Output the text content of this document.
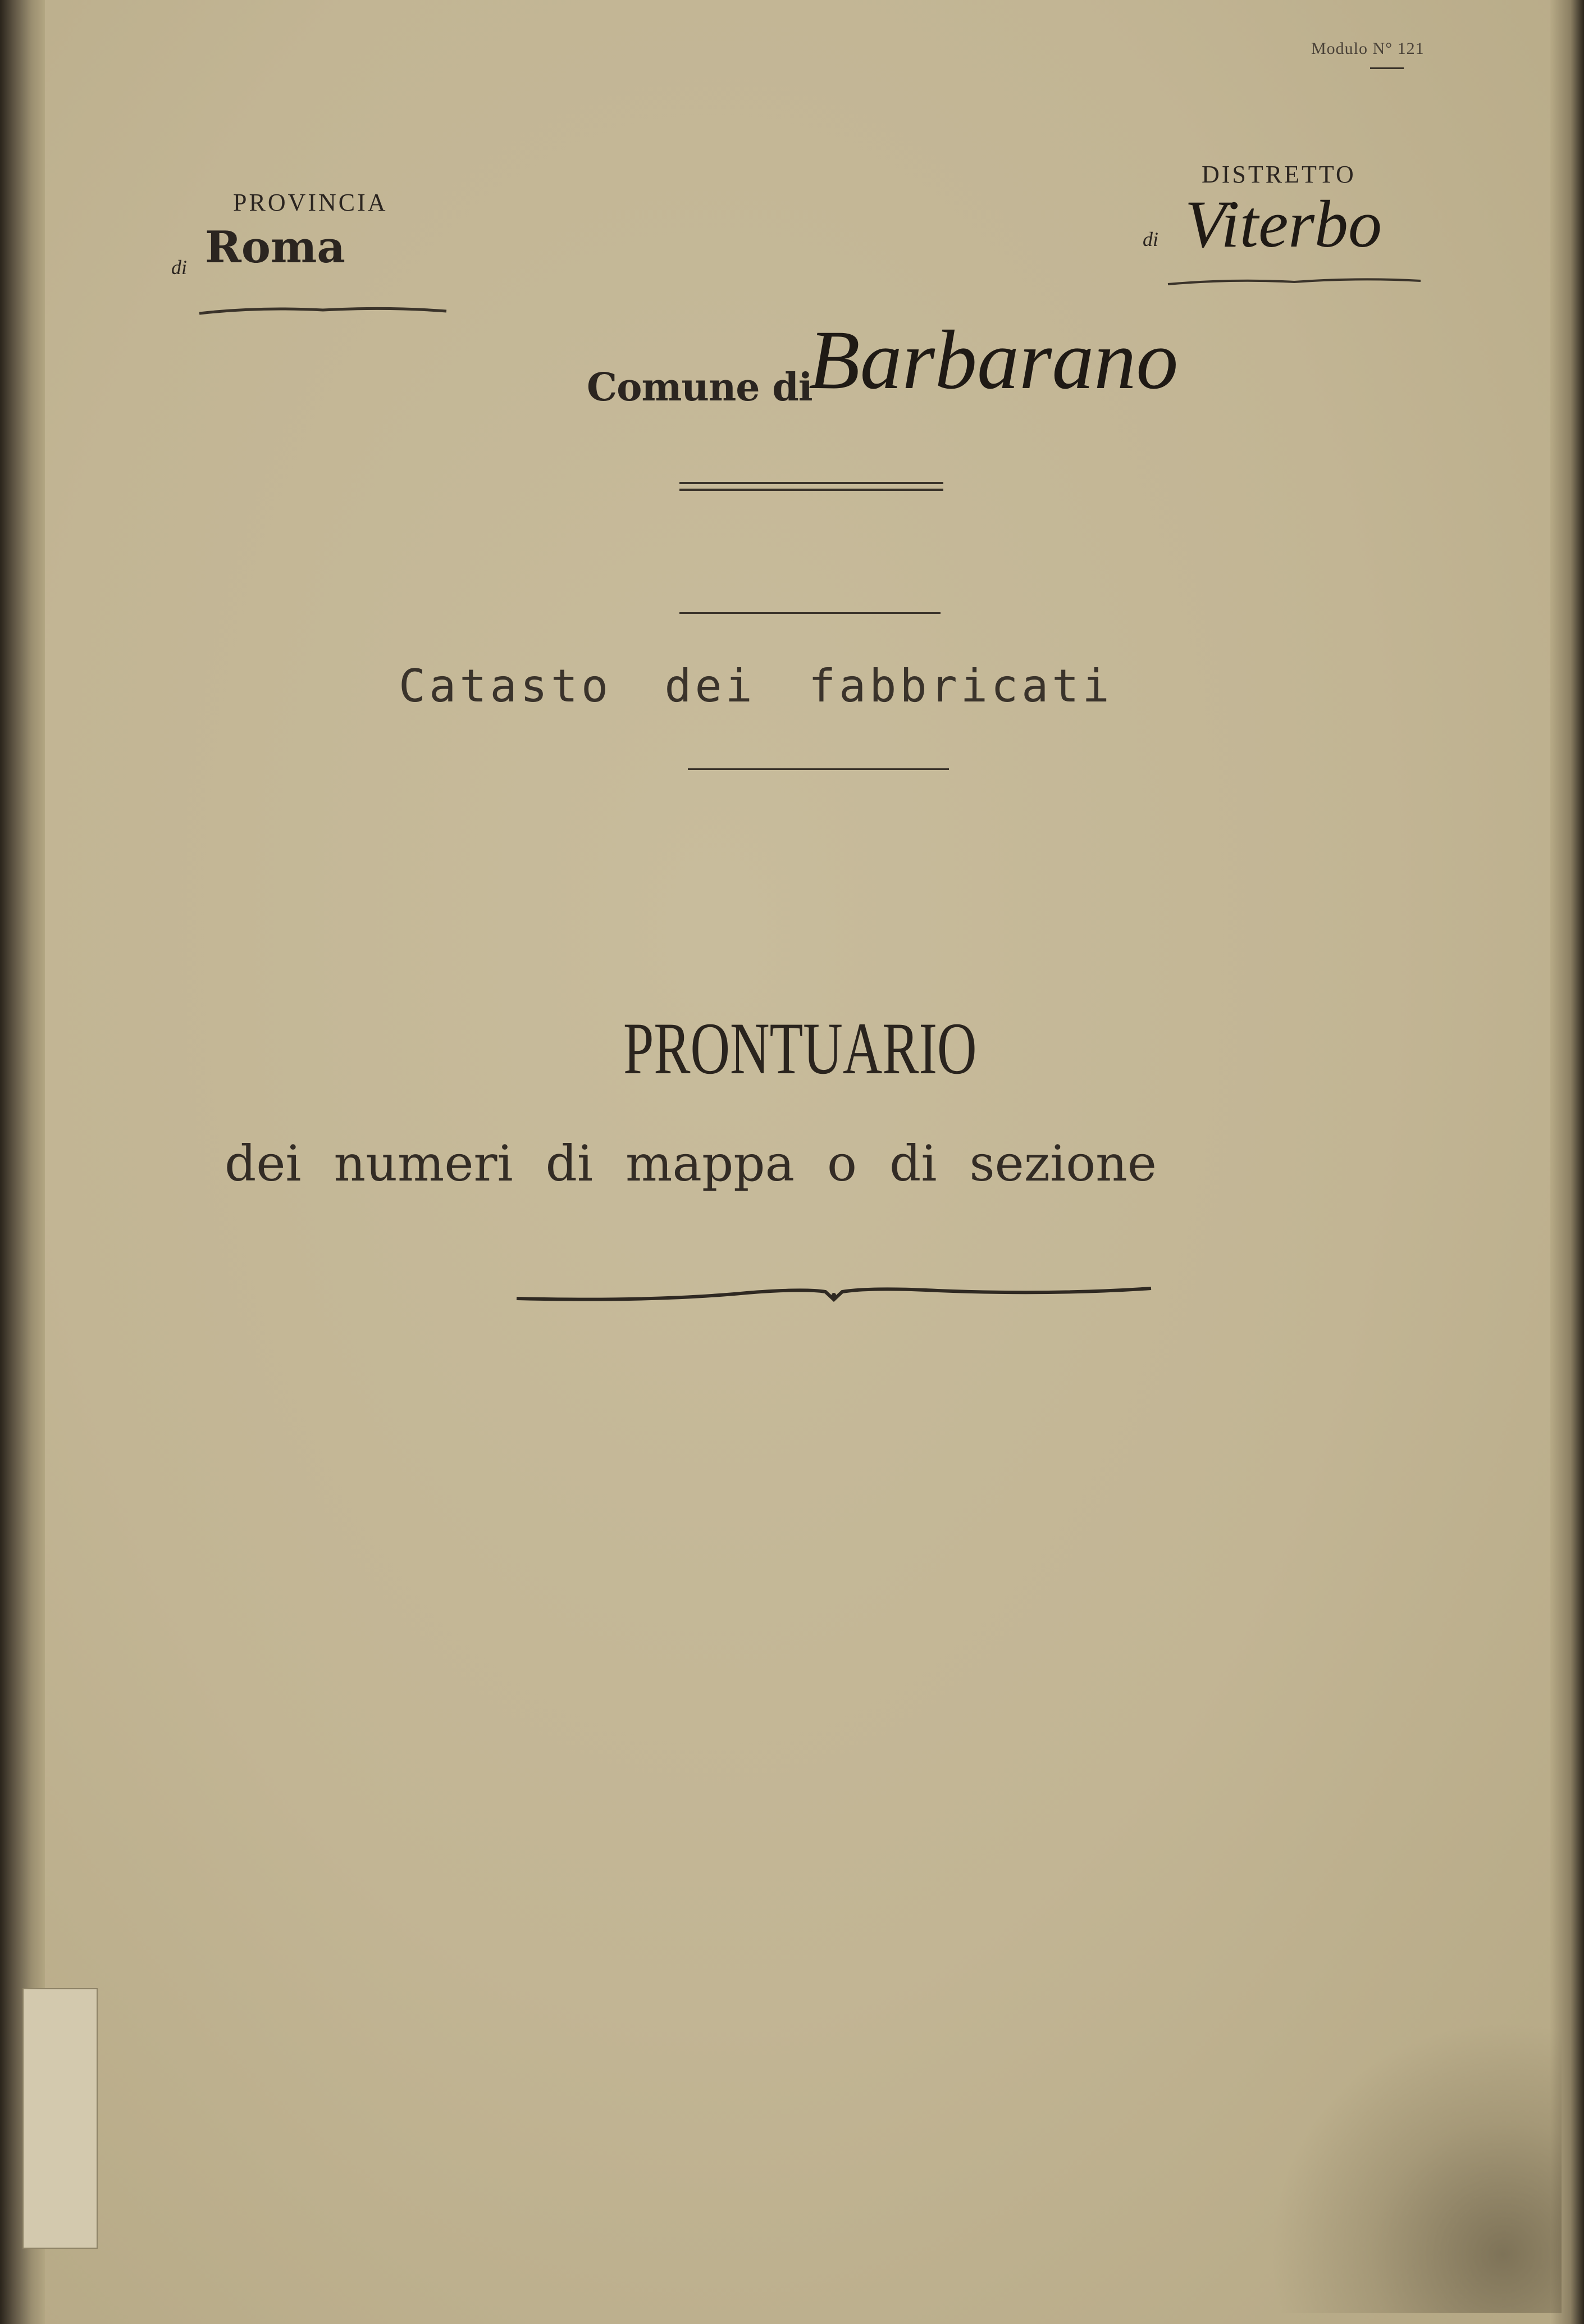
Modulo N° 121

PROVINCIA

di Roma

DISTRETTO

di Viterbo

Comune di

Barbarano

Catasto dei fabbricati

PRONTUARIO

dei numeri di mappa o di sezione
